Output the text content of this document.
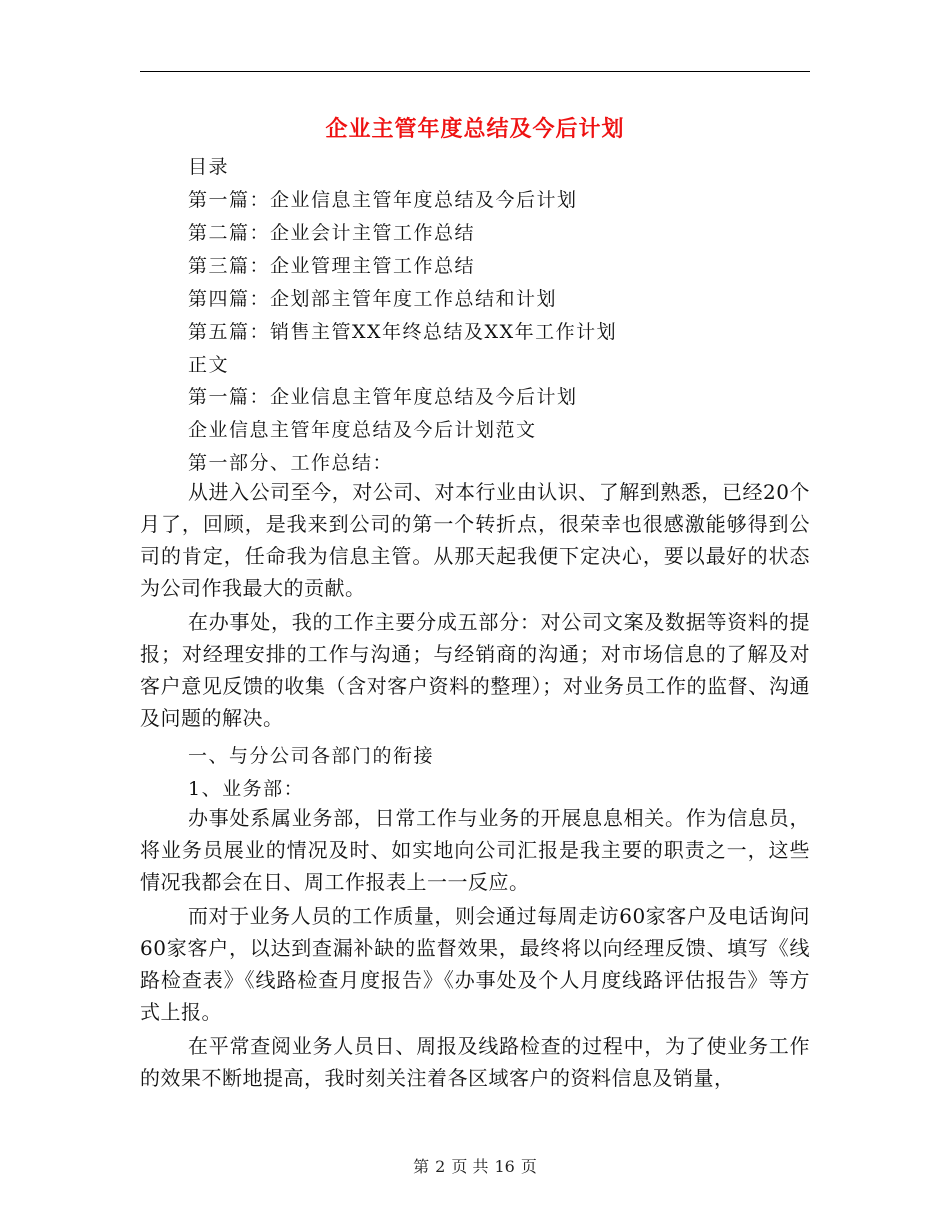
企业主管年度总结及今后计划
目录
第一篇：企业信息主管年度总结及今后计划
第二篇：企业会计主管工作总结
第三篇：企业管理主管工作总结
第四篇：企划部主管年度工作总结和计划
第五篇：销售主管XX年终总结及XX年工作计划
正文
第一篇：企业信息主管年度总结及今后计划
企业信息主管年度总结及今后计划范文
第一部分、工作总结：
从进入公司至今，对公司、对本行业由认识、了解到熟悉，已经20个月了，回顾，是我来到公司的第一个转折点，很荣幸也很感激能够得到公司的肯定，任命我为信息主管。从那天起我便下定决心，要以最好的状态为公司作我最大的贡献。
在办事处，我的工作主要分成五部分：对公司文案及数据等资料的提报；对经理安排的工作与沟通；与经销商的沟通；对市场信息的了解及对客户意见反馈的收集（含对客户资料的整理）；对业务员工作的监督、沟通及问题的解决。
一、与分公司各部门的衔接
1、业务部：
办事处系属业务部，日常工作与业务的开展息息相关。作为信息员，将业务员展业的情况及时、如实地向公司汇报是我主要的职责之一，这些情况我都会在日、周工作报表上一一反应。
而对于业务人员的工作质量，则会通过每周走访60家客户及电话询问60家客户，以达到查漏补缺的监督效果，最终将以向经理反馈、填写《线路检查表》《线路检查月度报告》《办事处及个人月度线路评估报告》等方式上报。
在平常查阅业务人员日、周报及线路检查的过程中，为了使业务工作的效果不断地提高，我时刻关注着各区域客户的资料信息及销量，
第 2 页 共 16 页
